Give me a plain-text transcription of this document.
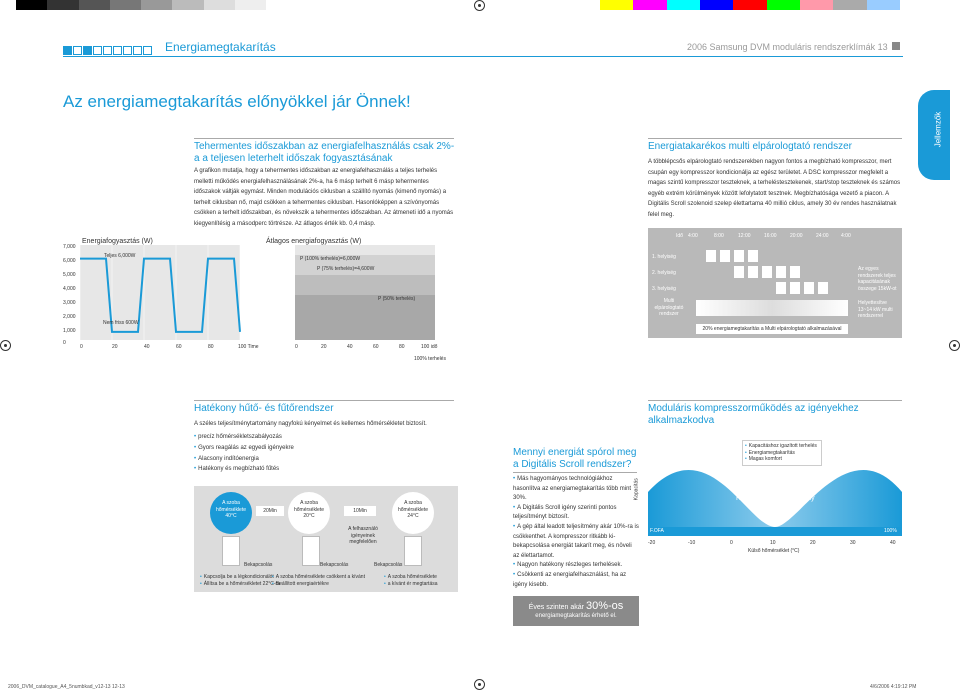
Energiamegtakarítás	2006 Samsung DVM moduláris rendszerklímák 13
Jellemzők
Az energiamegtakarítás előnyökkel jár Önnek!
Tehermentes időszakban az energiafelhasználás csak 2%-a a teljesen leterhelt időszak fogyasztásának
A grafikon mutatja, hogy a tehermentes időszakban az energiafelhasználás a teljes terhelés melletti működés energiafelhasználásának 2%-a, ha 6 másp terhelt 6 másp tehermentes időszakok váltják egymást. Minden modulációs ciklusban a szállító nyomás (kimenő nyomás) a terhelt ciklusban nő, majd csökken a tehermentes ciklusban. Hasonlóképpen a szívónyomás csökken a terhelt időszakban, és növekszik a tehermentes időszakban. Az átmeneti idő a nyomás kiegyenlítésig a másodperc törtrésze. Az átlagos érték kb. 0,4 másp.
Energiatakarékos multi elpárologtató rendszer
A többlépcsős elpárologtató rendszerekben nagyon fontos a megbízható kompresszor, mert csupán egy kompresszor kondicionálja az egész területet. A DSC kompresszor megfelelt a magas szintű kompresszor teszteknek, a terheléstesztekenek, start/stop teszteknek és számos egyéb extrém körülmények között lefolytatott tesztnek. Megbízhatósága vezető a piacon. A Digitális Scroll szolenoid szelep élettartama 40 millió ciklus, amely 30 év rendes használatnak felel meg.
Energiafogyasztás (W)
7,000
6,000
5,000
4,000
3,000
2,000
1,000
0
Teljes 6,000W
Nem friss 600W
0	20	40	60	80	100 Time
Átlagos energiafogyasztás (W)
P (100% terhelés)=6,000W
P (75% terhelés)=4,600W
P (50% terhelés)
0	20	40	60	80	100 idő
100% terhelés
Idő 4:00	8:00	12:00	16:00	20:00	24:00 4:00
1. helyiség
2. helyiség
3. helyiség
Multi elpárologtató rendszer
Az egyes rendszerek teljes kapacitásának összege 15kW-ot
Helyettesítve 13~14 kW multi rendszerrel
20% energiamegtakarítás a Multi elpárologtató alkalmazásával
Hatékony hűtő- és fűtőrendszer
A széles teljesítménytartomány nagyfokú kényelmet és kellemes hőmérsékletet biztosít.
• precíz hőmérsékletszabályozás
• Gyors reagálás az egyedi igényekre
• Alacsony indítóenergia
• Hatékony és megbízható fűtés
A szoba hőmérséklete 40°C
20Min
A szoba hőmérséklete 20°C
10Min
A szoba hőmérséklete 24°C
A felhasználó igényeinek megfelelően
Bekapcsolás	Bekapcsolás	Bekapcsolás
• Kapcsolja be a légkondicionálót
• Állítsa be a hőmérsékletet 22°C-ra
• A szoba hőmérséklete csökkent a kívánt
• Beállított energiaértékre
• A szoba hőmérséklete
• a kívánt ér megtartása
Mennyi energiát spórol meg a Digitális Scroll rendszer?
• Más hagyományos technológiákhoz hasonlítva az energiamegtakarítás több mint 30%.
• A Digitális Scroll igény szerinti pontos teljesítményt biztosít.
• A gép által leadott teljesítmény akár 10%-ra is csökkenthet. A kompresszor ritkább ki-bekapcsolása energiát takarít meg, és növeli az élettartamot.
• Nagyon hatékony részleges terhelések.
• Csökkenti az energiafelhasználást, ha az igény kisebb.
Éves szinten akár 30%-os
energiamegtakarítás érhető el.
Moduláris kompresszorműködés az igényekhez alkalmazkodva
Kapacitás
• Kapacitáshoz igazított terhelés
• Energiamegtakarítás
• Magas komfort
Kompresszorteljesítmény
F.OFA	100%
-20	-10	0	10	20	30	40
Külső hőmérséklet (°C)
2006_DVM_catalogue_A4_5numbkad_v12-13 12-13	4/6/2006 4:19:12 PM
